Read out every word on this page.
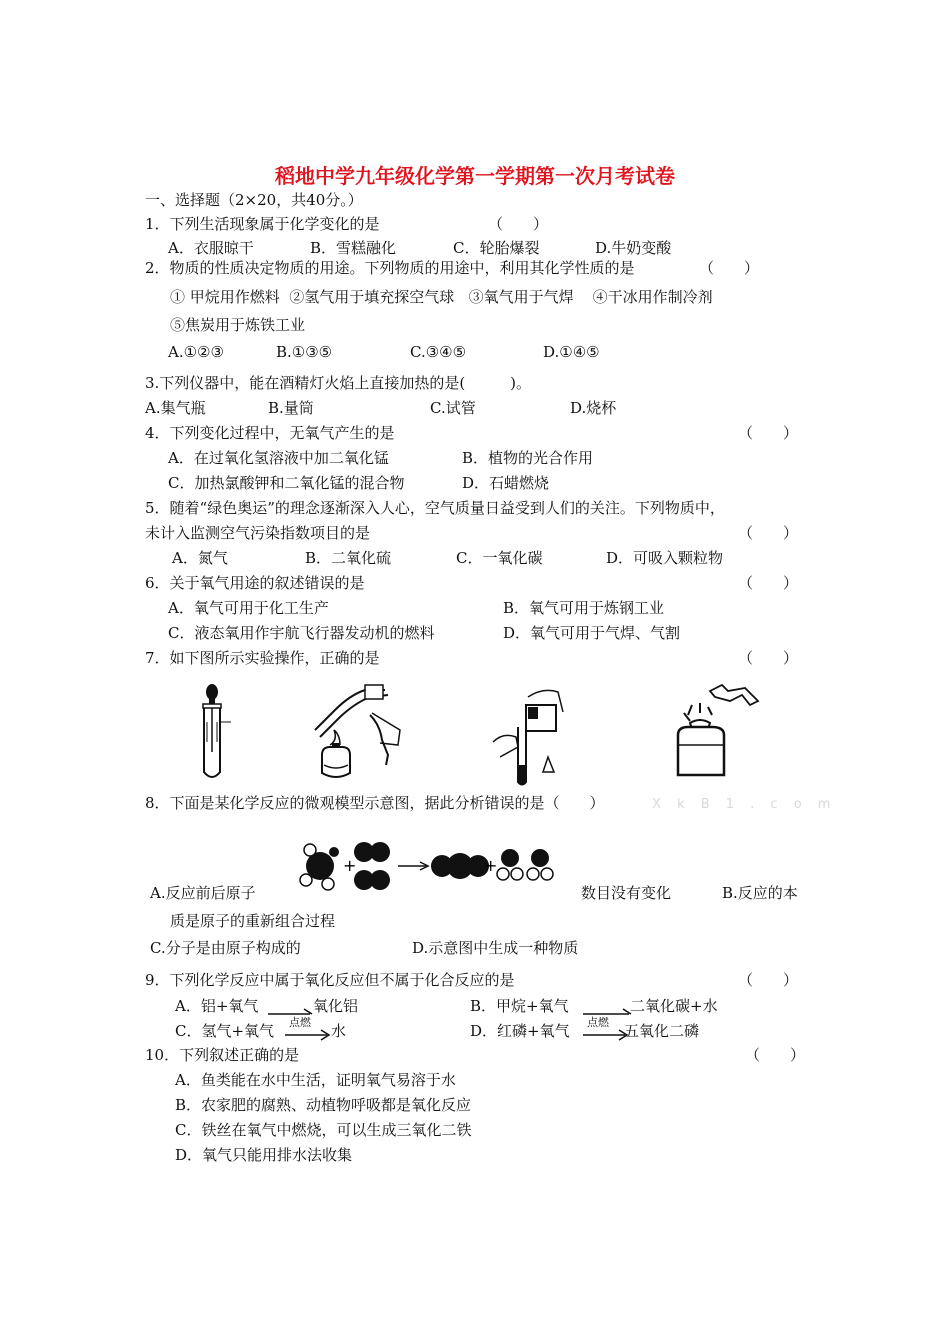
稻地中学九年级化学第一学期第一次月考试卷
一、选择题（2×20，共40分。）
1．下列生活现象属于化学变化的是	（　　）
A．衣服晾干	B．雪糕融化	C．轮胎爆裂	D.牛奶变酸
2．物质的性质决定物质的用途。下列物质的用途中，利用其化学性质的是	（　　）
① 甲烷用作燃料  ②氢气用于填充探空气球   ③氧气用于气焊    ④干冰用作制冷剂
⑤焦炭用于炼铁工业
A.①②③	B.①③⑤	C.③④⑤	D.①④⑤
3.下列仪器中，能在酒精灯火焰上直接加热的是(　　　)。
A.集气瓶	B.量筒	C.试管	D.烧杯
4．下列变化过程中，无氧气产生的是	（　　）
A．在过氧化氢溶液中加二氧化锰	B．植物的光合作用
C．加热氯酸钾和二氧化锰的混合物	D．石蜡燃烧
5．随着“绿色奥运”的理念逐渐深入人心，空气质量日益受到人们的关注。下列物质中，
未计入监测空气污染指数项目的是	（　　）
A．氮气	B．二氧化硫	C．一氧化碳	D．可吸入颗粒物
6．关于氧气用途的叙述错误的是	（　　）
A．氧气可用于化工生产	B．氧气可用于炼钢工业
C．液态氧用作宇航飞行器发动机的燃料	D．氧气可用于气焊、气割
7．如下图所示实验操作，正确的是	（　　）
8．下面是某化学反应的微观模型示意图，据此分析错误的是（　　）	X k B 1 . c o m
+	+
A.反应前后原子	数目没有变化	B.反应的本
质是原子的重新组合过程
C.分子是由原子构成的	D.示意图中生成一种物质
9．下列化学反应中属于氧化反应但不属于化合反应的是	（　　）
A．铝+氧气	氧化铝	B．甲烷+氧气	二氧化碳+水
C．氢气+氧气 点燃 水	D．红磷+氧气 点燃 五氧化二磷
10．下列叙述正确的是	（　　）
A．鱼类能在水中生活，证明氧气易溶于水
B．农家肥的腐熟、动植物呼吸都是氧化反应
C．铁丝在氧气中燃烧，可以生成三氧化二铁
D．氧气只能用排水法收集
